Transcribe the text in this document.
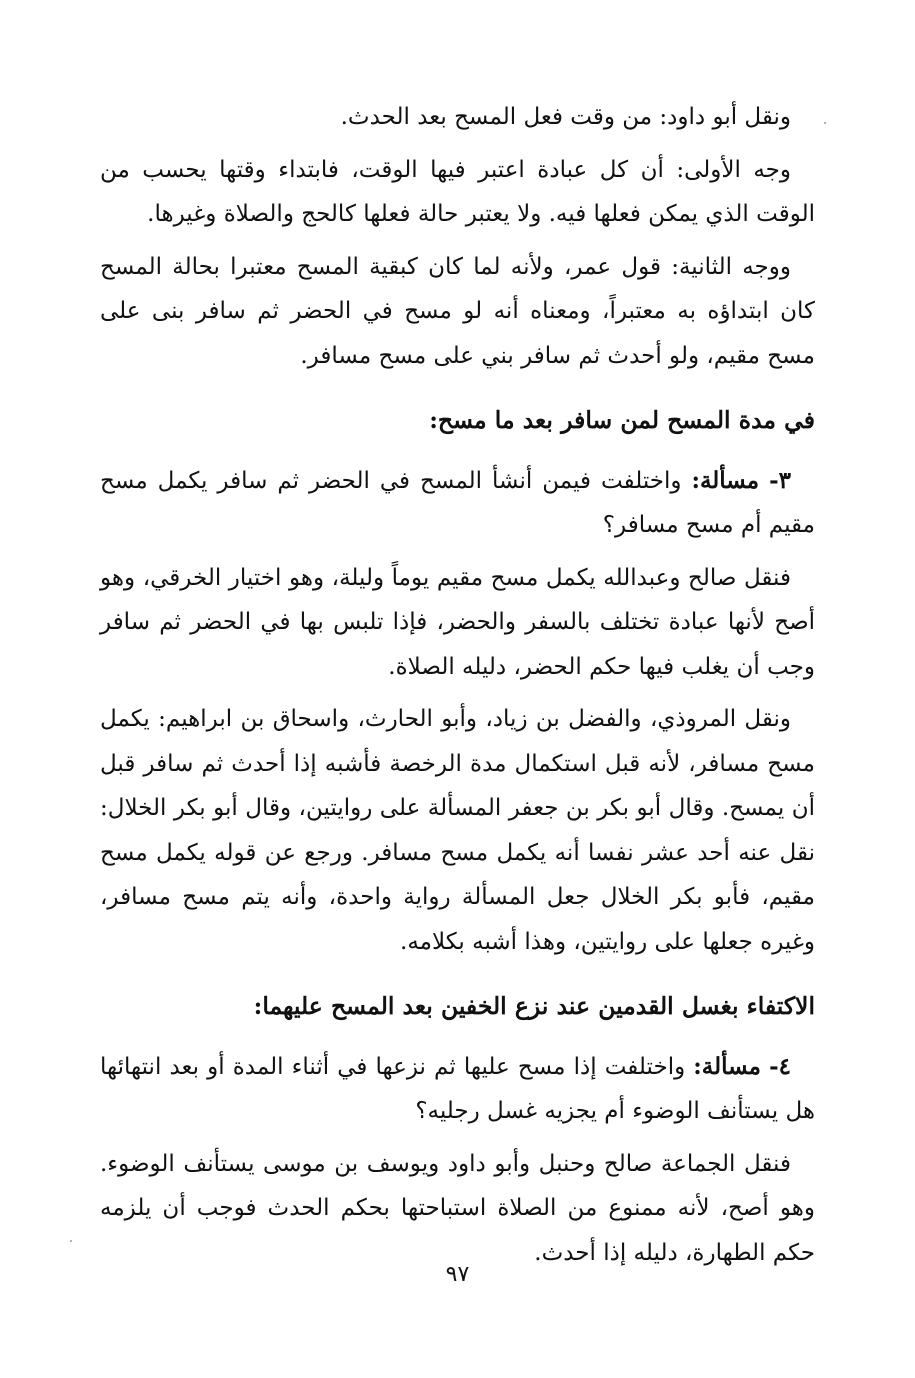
ونقل أبو داود: من وقت فعل المسح بعد الحدث.

وجه الأولى: أن كل عبادة اعتبر فيها الوقت، فابتداء وقتها يحسب من الوقت الذي يمكن فعلها فيه. ولا يعتبر حالة فعلها كالحج والصلاة وغيرها.

ووجه الثانية: قول عمر، ولأنه لما كان كبقية المسح معتبرا بحالة المسح كان ابتداؤه به معتبراً، ومعناه أنه لو مسح في الحضر ثم سافر بنى على مسح مقيم، ولو أحدث ثم سافر بني على مسح مسافر.

في مدة المسح لمن سافر بعد ما مسح:

٣- مسألة: واختلفت فيمن أنشأ المسح في الحضر ثم سافر يكمل مسح مقيم أم مسح مسافر؟

فنقل صالح وعبدالله يكمل مسح مقيم يوماً وليلة، وهو اختيار الخرقي، وهو أصح لأنها عبادة تختلف بالسفر والحضر، فإذا تلبس بها في الحضر ثم سافر وجب أن يغلب فيها حكم الحضر، دليله الصلاة.

ونقل المروذي، والفضل بن زياد، وأبو الحارث، واسحاق بن ابراهيم: يكمل مسح مسافر، لأنه قبل استكمال مدة الرخصة فأشبه إذا أحدث ثم سافر قبل أن يمسح. وقال أبو بكر بن جعفر المسألة على روايتين، وقال أبو بكر الخلال: نقل عنه أحد عشر نفسا أنه يكمل مسح مسافر. ورجع عن قوله يكمل مسح مقيم، فأبو بكر الخلال جعل المسألة رواية واحدة، وأنه يتم مسح مسافر، وغيره جعلها على روايتين، وهذا أشبه بكلامه.

الاكتفاء بغسل القدمين عند نزع الخفين بعد المسح عليهما:

٤- مسألة: واختلفت إذا مسح عليها ثم نزعها في أثناء المدة أو بعد انتهائها هل يستأنف الوضوء أم يجزيه غسل رجليه؟

فنقل الجماعة صالح وحنبل وأبو داود ويوسف بن موسى يستأنف الوضوء. وهو أصح، لأنه ممنوع من الصلاة استباحتها بحكم الحدث فوجب أن يلزمه حكم الطهارة، دليله إذا أحدث.

٩٧
